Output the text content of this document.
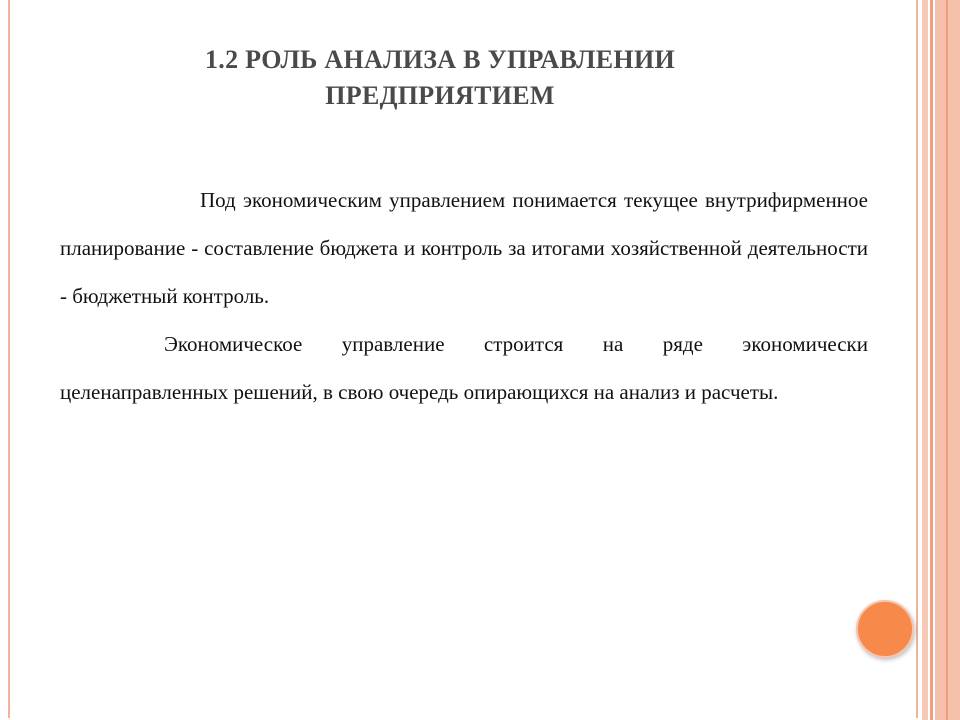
1.2 РОЛЬ АНАЛИЗА В УПРАВЛЕНИИ ПРЕДПРИЯТИЕМ

Под экономическим управлением понимается текущее внутрифирменное планирование - составление бюджета и контроль за итогами хозяйственной деятельности - бюджетный контроль.

Экономическое управление строится на ряде экономически целенаправленных решений, в свою очередь опирающихся на анализ и расчеты.
